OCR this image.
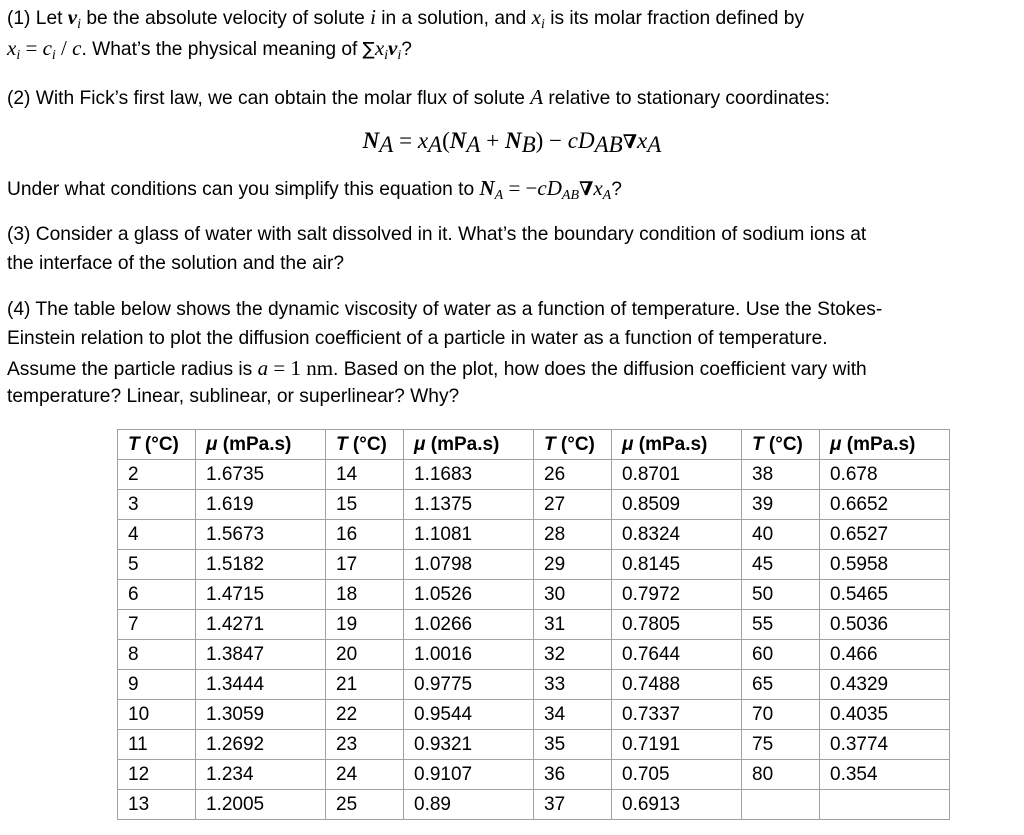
(1) Let $v_i$ be the absolute velocity of solute i in a solution, and $x_i$ is its molar fraction defined by
$x_i = c_i / c$. What’s the physical meaning of $\sum x_iv_i$?
(2) With Fick’s first law, we can obtain the molar flux of solute A relative to stationary coordinates:
NA = xA(NA + NB) − cDAB∇xA
Under what conditions can you simplify this equation to $N_A = -cD_{AB}\nabla x_A$?
(3) Consider a glass of water with salt dissolved in it. What’s the boundary condition of sodium ions at
the interface of the solution and the air?
(4) The table below shows the dynamic viscosity of water as a function of temperature. Use the Stokes-
Einstein relation to plot the diffusion coefficient of a particle in water as a function of temperature.
Assume the particle radius is a = 1 nm. Based on the plot, how does the diffusion coefficient vary with
temperature? Linear, sublinear, or superlinear? Why?
T (°C)	μ (mPa.s)	T (°C)	μ (mPa.s)	T (°C)	μ (mPa.s)	T (°C)	μ (mPa.s)
2	1.6735	14	1.1683	26	0.8701	38	0.678
3	1.619	15	1.1375	27	0.8509	39	0.6652
4	1.5673	16	1.1081	28	0.8324	40	0.6527
5	1.5182	17	1.0798	29	0.8145	45	0.5958
6	1.4715	18	1.0526	30	0.7972	50	0.5465
7	1.4271	19	1.0266	31	0.7805	55	0.5036
8	1.3847	20	1.0016	32	0.7644	60	0.466
9	1.3444	21	0.9775	33	0.7488	65	0.4329
10	1.3059	22	0.9544	34	0.7337	70	0.4035
11	1.2692	23	0.9321	35	0.7191	75	0.3774
12	1.234	24	0.9107	36	0.705	80	0.354
13	1.2005	25	0.89	37	0.6913		
